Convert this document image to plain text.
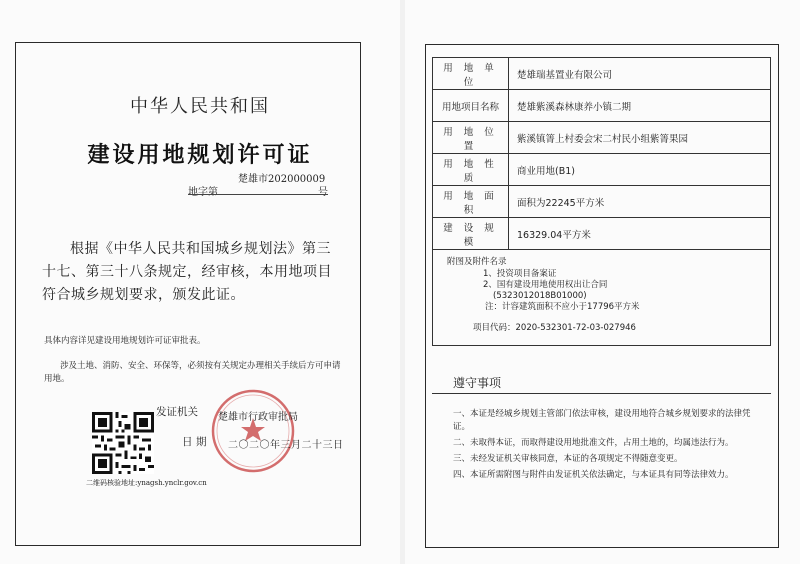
中华人民共和国
建设用地规划许可证
楚雄市202000009
地字第	号

根据《中华人民共和国城乡规划法》第三十七、第三十八条规定，经审核，本用地项目符合城乡规划要求，颁发此证。

具体内容详见建设用地规划许可证审批表。
涉及土地、消防、安全、环保等，必须按有关规定办理相关手续后方可申请用地。
发证机关 楚雄市行政审批局
日 期 二〇二〇年三月二十三日
二维码核验地址:ynagsh.ynclr.gov.cn
用 地 单 位	楚雄瑞基置业有限公司
用地项目名称	楚雄紫溪森林康养小镇二期
用 地 位 置	紫溪镇箐上村委会宋二村民小组紫箐果园
用 地 性 质	商业用地(B1)
用 地 面 积	面积为22245平方米
建 设 规 模	16329.04平方米
附图及附件名录
1、投资项目备案证
2、国有建设用地使用权出让合同
(5323012018B01000)
注：计容建筑面积不应小于17796平方米
项目代码：2020-532301-72-03-027946
遵守事项
一、本证是经城乡规划主管部门依法审核，建设用地符合城乡规划要求的法律凭证。
二、未取得本证，而取得建设用地批准文件，占用土地的，均属违法行为。
三、未经发证机关审核同意，本证的各项规定不得随意变更。
四、本证所需附图与附件由发证机关依法确定，与本证具有同等法律效力。
